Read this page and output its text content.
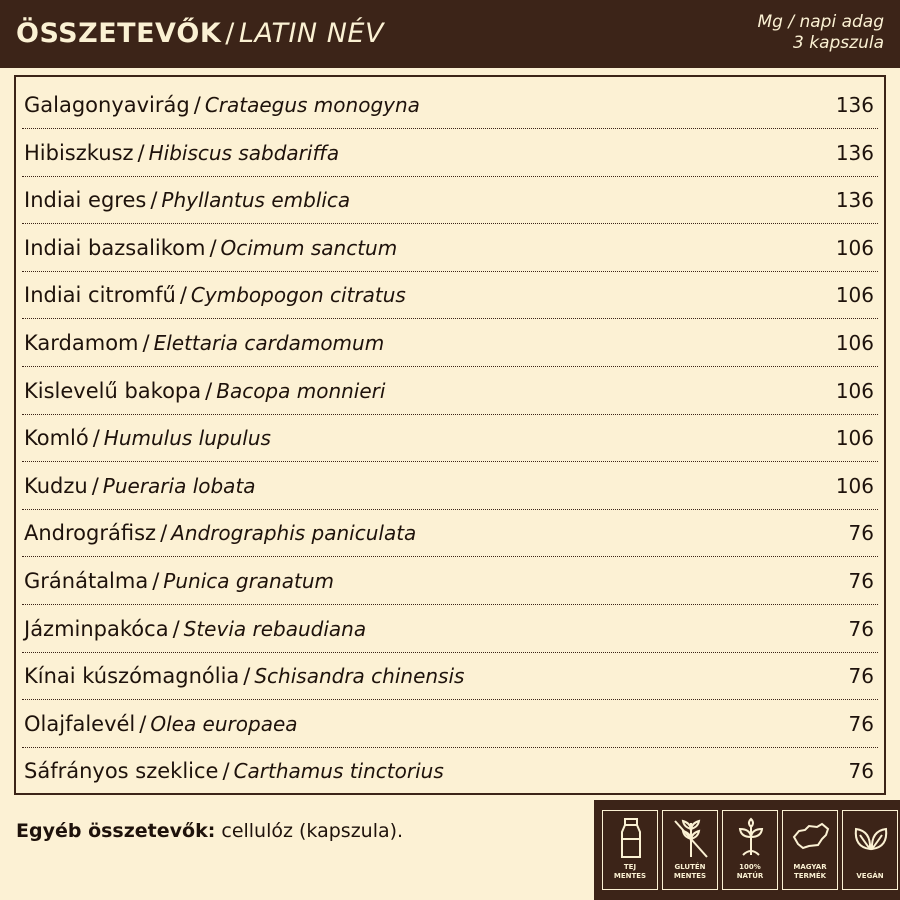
ÖSSZETEVŐK / LATIN NÉV	Mg / napi adag
3 kapszula
Galagonyavirág / Crataegus monogyna	136
Hibiszkusz / Hibiscus sabdariffa	136
Indiai egres / Phyllantus emblica	136
Indiai bazsalikom / Ocimum sanctum	106
Indiai citromfű / Cymbopogon citratus	106
Kardamom / Elettaria cardamomum	106
Kislevelű bakopa / Bacopa monnieri	106
Komló / Humulus lupulus	106
Kudzu / Pueraria lobata	106
Andrográfisz / Andrographis paniculata	76
Gránátalma / Punica granatum	76
Jázminpakóca / Stevia rebaudiana	76
Kínai kúszómagnólia / Schisandra chinensis	76
Olajfalevél / Olea europaea	76
Sáfrányos szeklice / Carthamus tinctorius	76
Egyéb összetevők: cellulóz (kapszula).
TEJ
MENTES
GLUTÉN
MENTES
100%
NATÚR
MAGYAR
TERMÉK	VEGÁN
